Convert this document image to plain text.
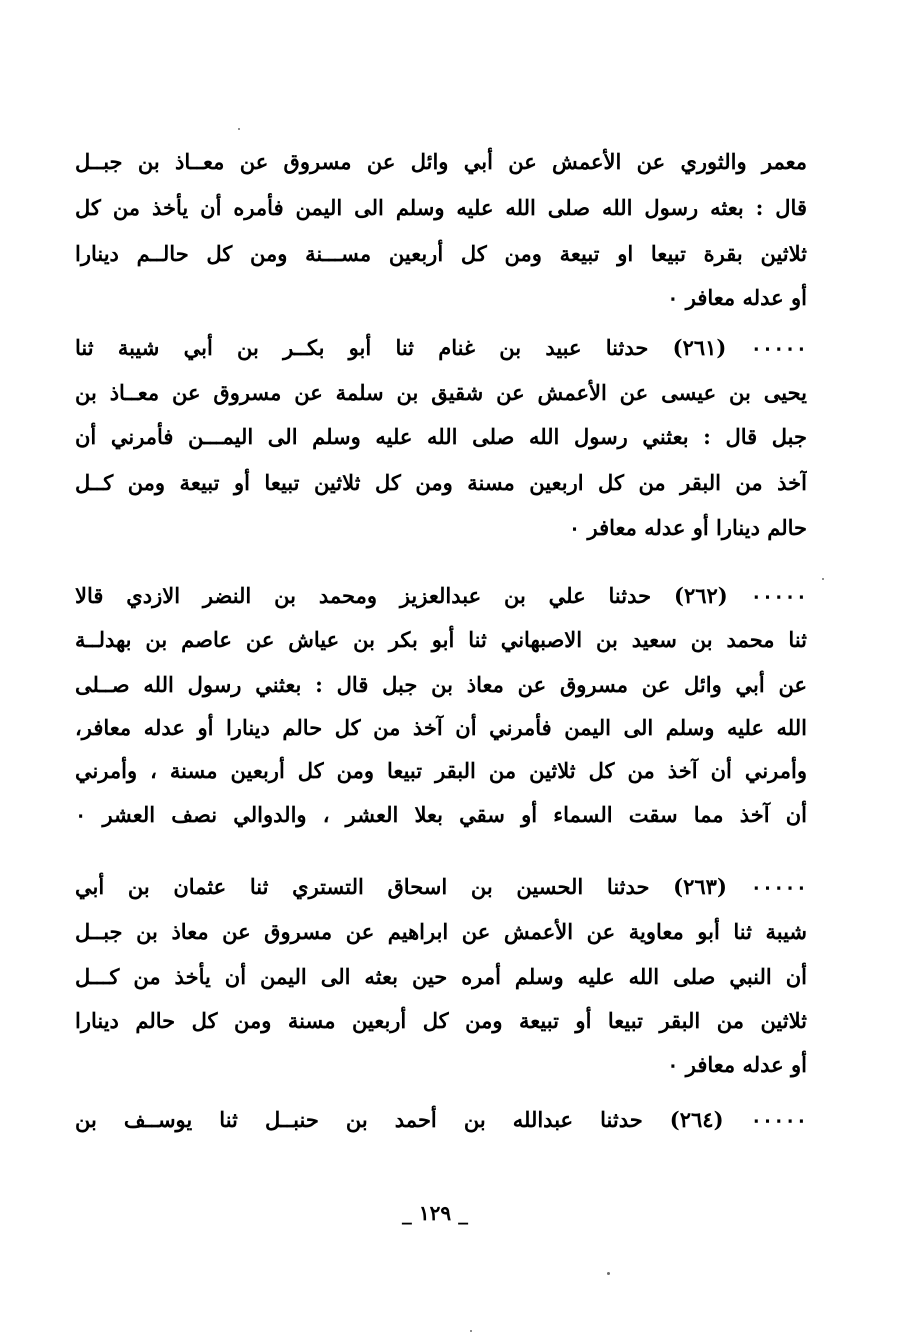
معمر والثوري عن الأعمش عن أبي وائل عن مسروق عن معــاذ بن جبــل
قال : بعثه رسول الله صلى الله عليه وسلم الى اليمن فأمره أن يأخذ من كل
ثلاثين بقرة تبيعا او تبيعة ومن كل أربعين مســـنة ومن كل حالــم دينارا
أو عدله معافر ٠
٠٠٠٠٠ (٢٦١) حدثنا عبيد بن غنام ثنا أبو بكــر بن أبي شيبة ثنا
يحيى بن عيسى عن الأعمش عن شقيق بن سلمة عن مسروق عن معــاذ بن
جبل قال : بعثني رسول الله صلى الله عليه وسلم الى اليمـــن فأمرني أن
آخذ من البقر من كل اربعين مسنة ومن كل ثلاثين تبيعا أو تبيعة ومن كــل
حالم دينارا أو عدله معافر ٠
٠٠٠٠٠ (٢٦٢) حدثنا علي بن عبدالعزيز ومحمد بن النضر الازدي قالا
ثنا محمد بن سعيد بن الاصبهاني ثنا أبو بكر بن عياش عن عاصم بن بهدلــة
عن أبي وائل عن مسروق عن معاذ بن جبل قال : بعثني رسول الله صــلى
الله عليه وسلم الى اليمن فأمرني أن آخذ من كل حالم دينارا أو عدله معافر،
وأمرني أن آخذ من كل ثلاثين من البقر تبيعا ومن كل أربعين مسنة ، وأمرني
أن آخذ مما سقت السماء أو سقي بعلا العشر ، والدوالي نصف العشر ٠
٠٠٠٠٠ (٢٦٣) حدثنا الحسين بن اسحاق التستري ثنا عثمان بن أبي
شيبة ثنا أبو معاوية عن الأعمش عن ابراهيم عن مسروق عن معاذ بن جبــل
أن النبي صلى الله عليه وسلم أمره حين بعثه الى اليمن أن يأخذ من كـــل
ثلاثين من البقر تبيعا أو تبيعة ومن كل أربعين مسنة ومن كل حالم دينارا
أو عدله معافر ٠
٠٠٠٠٠ (٢٦٤) حدثنا عبدالله بن أحمد بن حنبــل ثنا يوســف بن
_ ١٢٩ _
